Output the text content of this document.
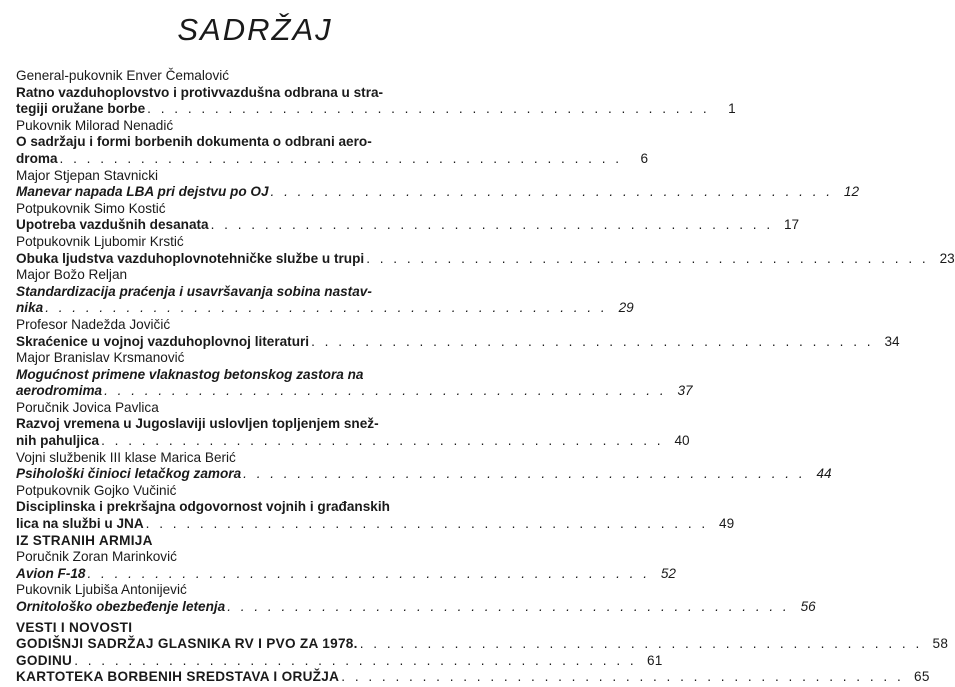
SADRŽAJ
General-pukovnik Enver Čemalović
Ratno vazduhoplovstvo i protivvazdušna odbrana u stra-
tegiji oružane borbe . . . . . . . . . . . . . . . . . . . . . . . . . . . . . . . . . . . . . . . . . .	1
Pukovnik Milorad Nenadić
O sadržaju i formi borbenih dokumenta o odbrani aero-
droma . . . . . . . . . . . . . . . . . . . . . . . . . . . . . . . . . . . . . . . . . .	6
Major Stjepan Stavnicki
Manevar napada LBA pri dejstvu po OJ . . . . . . . . . . . . . . . . . . . . . . . . . . . . . . . . . . . . . . . . . . 12
Potpukovnik Simo Kostić
Upotreba vazdušnih desanata . . . . . . . . . . . . . . . . . . . . . . . . . . . . . . . . . . . . . . . . . . 17
Potpukovnik Ljubomir Krstić
Obuka ljudstva vazduhoplovnotehničke službe u trupi . . . . . . . . . . . . . . . . . . . . . . . . . . . . . . . . . . . . . . . . . . 23
Major Božo Reljan
Standardizacija praćenja i usavršavanja sobina nastav-
nika . . . . . . . . . . . . . . . . . . . . . . . . . . . . . . . . . . . . . . . . . . 29
Profesor Nadežda Jovičić
Skraćenice u vojnoj vazduhoplovnoj literaturi . . . . . . . . . . . . . . . . . . . . . . . . . . . . . . . . . . . . . . . . . . 34
Major Branislav Krsmanović
Mogućnost primene vlaknastog betonskog zastora na
aerodromima . . . . . . . . . . . . . . . . . . . . . . . . . . . . . . . . . . . . . . . . . . 37
Poručnik Jovica Pavlica
Razvoj vremena u Jugoslaviji uslovljen topljenjem snež-
nih pahuljica . . . . . . . . . . . . . . . . . . . . . . . . . . . . . . . . . . . . . . . . . . 40
Vojni službenik III klase Marica Berić
Psihološki činioci letačkog zamora . . . . . . . . . . . . . . . . . . . . . . . . . . . . . . . . . . . . . . . . . . 44
Potpukovnik Gojko Vučinić
Disciplinska i prekršajna odgovornost vojnih i građanskih
lica na službi u JNA . . . . . . . . . . . . . . . . . . . . . . . . . . . . . . . . . . . . . . . . . . 49
IZ STRANIH ARMIJA
Poručnik Zoran Marinković
Avion F-18 . . . . . . . . . . . . . . . . . . . . . . . . . . . . . . . . . . . . . . . . . . 52
Pukovnik Ljubiša Antonijević
Ornitološko obezbeđenje letenja . . . . . . . . . . . . . . . . . . . . . . . . . . . . . . . . . . . . . . . . . . 56
VESTI I NOVOSTI
GODIŠNJI SADRŽAJ GLASNIKA RV I PVO ZA 1978. . . . . . . . . . . . . . . . . . . . . . . . . . . . . . . . . . . . . . . . . . . 58
GODINU . . . . . . . . . . . . . . . . . . . . . . . . . . . . . . . . . . . . . . . . . . 61
KARTOTEKA BORBENIH SREDSTAVA I ORUŽJA . . . . . . . . . . . . . . . . . . . . . . . . . . . . . . . . . . . . . . . . . . 65
